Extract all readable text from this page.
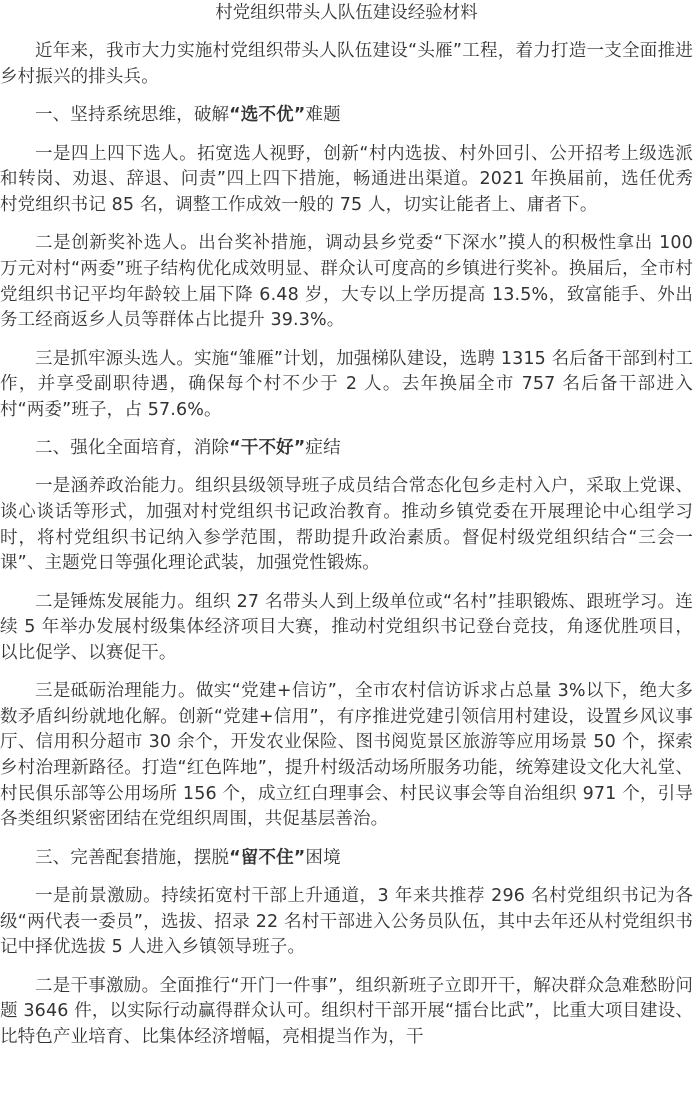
村党组织带头人队伍建设经验材料

近年来，我市大力实施村党组织带头人队伍建设“头雁”工程，着力打造一支全面推进乡村振兴的排头兵。

一、坚持系统思维，破解“选不优”难题

一是四上四下选人。拓宽选人视野，创新“村内选拔、村外回引、公开招考上级选派和转岗、劝退、辞退、问责”四上四下措施，畅通进出渠道。2021 年换届前，选任优秀村党组织书记 85 名，调整工作成效一般的 75 人，切实让能者上、庸者下。

二是创新奖补选人。出台奖补措施，调动县乡党委“下深水”摸人的积极性拿出 100 万元对村“两委”班子结构优化成效明显、群众认可度高的乡镇进行奖补。换届后，全市村党组织书记平均年龄较上届下降 6.48 岁，大专以上学历提高 13.5%，致富能手、外出务工经商返乡人员等群体占比提升 39.3%。

三是抓牢源头选人。实施“雏雁”计划，加强梯队建设，选聘 1315 名后备干部到村工作，并享受副职待遇，确保每个村不少于 2 人。去年换届全市 757 名后备干部进入村“两委”班子，占 57.6%。

二、强化全面培育，消除“干不好”症结

一是涵养政治能力。组织县级领导班子成员结合常态化包乡走村入户，采取上党课、谈心谈话等形式，加强对村党组织书记政治教育。推动乡镇党委在开展理论中心组学习时，将村党组织书记纳入参学范围，帮助提升政治素质。督促村级党组织结合“三会一课”、主题党日等强化理论武装，加强党性锻炼。

二是锤炼发展能力。组织 27 名带头人到上级单位或“名村”挂职锻炼、跟班学习。连续 5 年举办发展村级集体经济项目大赛，推动村党组织书记登台竞技，角逐优胜项目，以比促学、以赛促干。

三是砥砺治理能力。做实“党建+信访”，全市农村信访诉求占总量 3%以下，绝大多数矛盾纠纷就地化解。创新“党建+信用”，有序推进党建引领信用村建设，设置乡风议事厅、信用积分超市 30 余个，开发农业保险、图书阅览景区旅游等应用场景 50 个，探索乡村治理新路径。打造“红色阵地”，提升村级活动场所服务功能，统筹建设文化大礼堂、村民俱乐部等公用场所 156 个，成立红白理事会、村民议事会等自治组织 971 个，引导各类组织紧密团结在党组织周围，共促基层善治。

三、完善配套措施，摆脱“留不住”困境

一是前景激励。持续拓宽村干部上升通道，3 年来共推荐 296 名村党组织书记为各级“两代表一委员”，选拔、招录 22 名村干部进入公务员队伍，其中去年还从村党组织书记中择优选拔 5 人进入乡镇领导班子。

二是干事激励。全面推行“开门一件事”，组织新班子立即开干，解决群众急难愁盼问题 3646 件，以实际行动赢得群众认可。组织村干部开展“擂台比武”，比重大项目建设、比特色产业培育、比集体经济增幅，亮相提当作为，干
